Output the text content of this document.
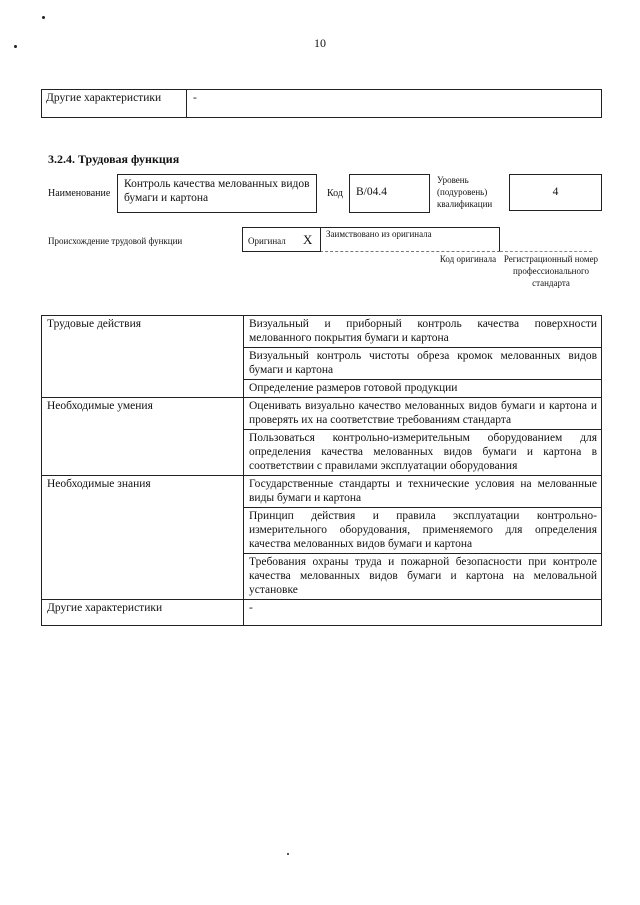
10
Другие характеристики	-
3.2.4. Трудовая функция
Наименование
Контроль качества мелованных видов бумаги и картона	Код	B/04.4
Уровень (подуровень) квалификации
4
Происхождение трудовой функции	Оригинал X Заимствовано из оригинала
Код оригинала Регистрационный номер профессионального стандарта
Трудовые действия	Визуальный и приборный контроль качества поверхности мелованного покрытия бумаги и картона
	Визуальный контроль чистоты обреза кромок мелованных видов бумаги и картона
	Определение размеров готовой продукции
Необходимые умения	Оценивать визуально качество мелованных видов бумаги и картона и проверять их на соответствие требованиям стандарта
	Пользоваться контрольно-измерительным оборудованием для определения качества мелованных видов бумаги и картона в соответствии с правилами эксплуатации оборудования
Необходимые знания	Государственные стандарты и технические условия на мелованные виды бумаги и картона
	Принцип действия и правила эксплуатации контрольно-измерительного оборудования, применяемого для определения качества мелованных видов бумаги и картона
	Требования охраны труда и пожарной безопасности при контроле качества мелованных видов бумаги и картона на меловальной установке
Другие характеристики	-
